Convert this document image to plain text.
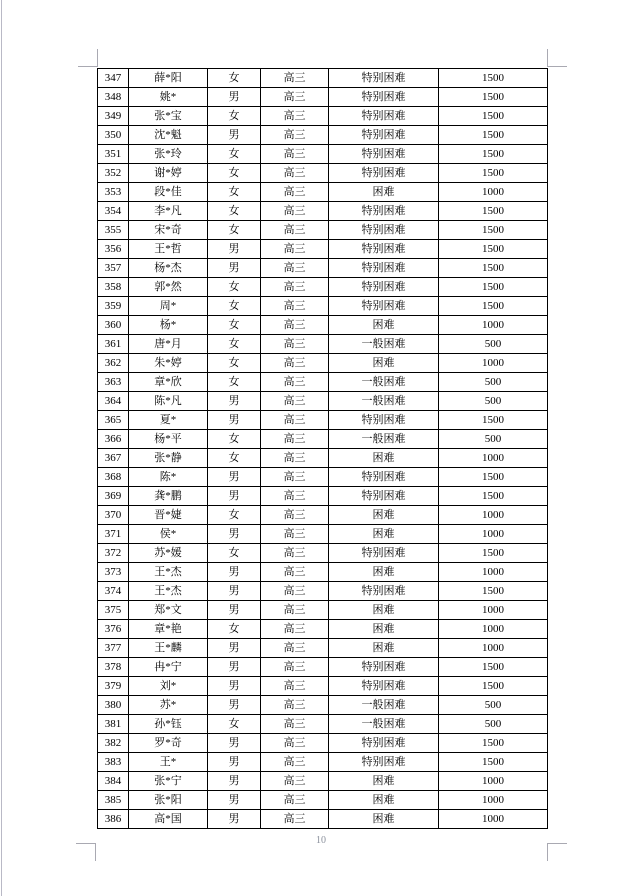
347	薛*阳	女	高三	特别困难	1500
348	姚*	男	高三	特别困难	1500
349	张*宝	女	高三	特别困难	1500
350	沈*魁	男	高三	特别困难	1500
351	张*玲	女	高三	特别困难	1500
352	谢*婷	女	高三	特别困难	1500
353	段*佳	女	高三	困难	1000
354	李*凡	女	高三	特别困难	1500
355	宋*奇	女	高三	特别困难	1500
356	王*哲	男	高三	特别困难	1500
357	杨*杰	男	高三	特别困难	1500
358	郭*然	女	高三	特别困难	1500
359	周*	女	高三	特别困难	1500
360	杨*	女	高三	困难	1000
361	唐*月	女	高三	一般困难	500
362	朱*婷	女	高三	困难	1000
363	章*欣	女	高三	一般困难	500
364	陈*凡	男	高三	一般困难	500
365	夏*	男	高三	特别困难	1500
366	杨*平	女	高三	一般困难	500
367	张*静	女	高三	困难	1000
368	陈*	男	高三	特别困难	1500
369	龚*鹏	男	高三	特别困难	1500
370	晋*婕	女	高三	困难	1000
371	侯*	男	高三	困难	1000
372	苏*媛	女	高三	特别困难	1500
373	王*杰	男	高三	困难	1000
374	王*杰	男	高三	特别困难	1500
375	郑*文	男	高三	困难	1000
376	章*艳	女	高三	困难	1000
377	王*麟	男	高三	困难	1000
378	冉*宁	男	高三	特别困难	1500
379	刘*	男	高三	特别困难	1500
380	苏*	男	高三	一般困难	500
381	孙*钰	女	高三	一般困难	500
382	罗*奇	男	高三	特别困难	1500
383	王*	男	高三	特别困难	1500
384	张*宁	男	高三	困难	1000
385	张*阳	男	高三	困难	1000
386	高*国	男	高三	困难	1000
10
